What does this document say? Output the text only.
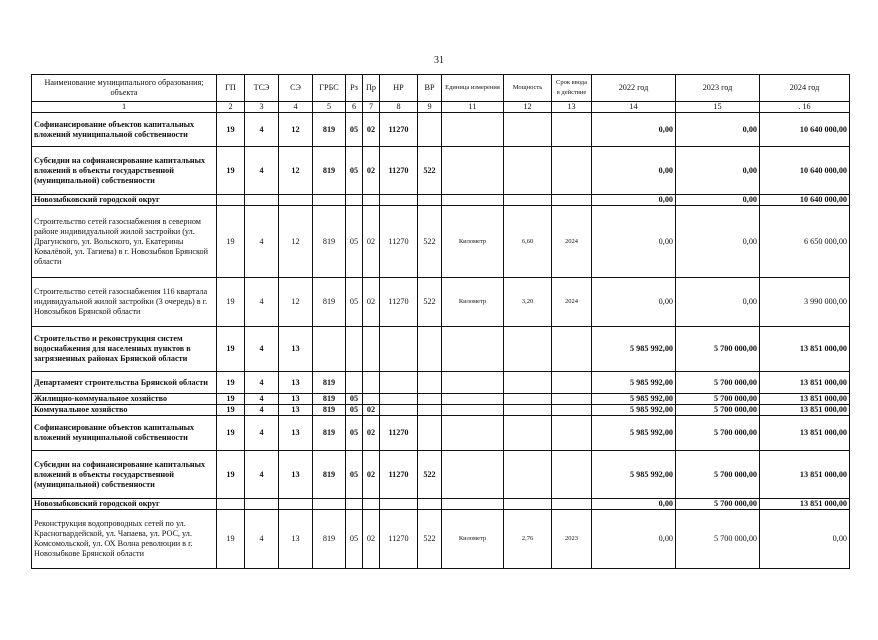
31
Наименование муниципального образования; объекта	ГП	ТСЭ	СЭ	ГРБС	Рз	Пр	НР	ВР	Единица измерения	Мощность	Срок ввода в действие	2022 год	2023 год	2024 год
1	2	3	4	5	6	7	8	9	11	12	13	14	15	. 16
Софинансирование объектов капитальных вложений муниципальной собственности	19	4	12	819	05	02	11270					0,00	0,00	10 640 000,00
Субсидии на софинансирование капитальных вложений в объекты государственной (муниципальной) собственности	19	4	12	819	05	02	11270	522				0,00	0,00	10 640 000,00
Новозыбковский городской округ												0,00	0,00	10 640 000,00
Строительство сетей газоснабжения в северном районе индивидуальной жилой застройки (ул. Драгунского, ул. Вольского, ул. Екатерины Ковалёвой, ул. Тагиева) в г. Новозыбков Брянской области	19	4	12	819	05	02	11270	522	Километр	6,60	2024	0,00	0,00	6 650 000,00
Строительство сетей газоснабжения 116 квартала индивидуальной жилой застройки (3 очередь) в г. Новозыбков Брянской области	19	4	12	819	05	02	11270	522	Километр	3,20	2024	0,00	0,00	3 990 000,00
Строительство и реконструкция систем водоснабжения для населенных пунктов в загрязненных районах Брянской области	19	4	13									5 985 992,00	5 700 000,00	13 851 000,00
Департамент строительства Брянской области	19	4	13	819								5 985 992,00	5 700 000,00	13 851 000,00
Жилищно-коммунальное хозяйство	19	4	13	819	05							5 985 992,00	5 700 000,00	13 851 000,00
Коммунальное хозяйство	19	4	13	819	05	02						5 985 992,00	5 700 000,00	13 851 000,00
Софинансирование объектов капитальных вложений муниципальной собственности	19	4	13	819	05	02	11270					5 985 992,00	5 700 000,00	13 851 000,00
Субсидии на софинансирование капитальных вложений в объекты государственной (муниципальной) собственности	19	4	13	819	05	02	11270	522				5 985 992,00	5 700 000,00	13 851 000,00
Новозыбковский городской округ												0,00	5 700 000,00	13 851 000,00
Реконструкция водопроводных сетей по ул. Красногвардейской, ул. Чапаева, ул. РОС, ул. Комсомольской, ул. ОХ Волна революции в г. Новозыбкове Брянской области	19	4	13	819	05	02	11270	522	Километр	2,76	2023	0,00	5 700 000,00	0,00
